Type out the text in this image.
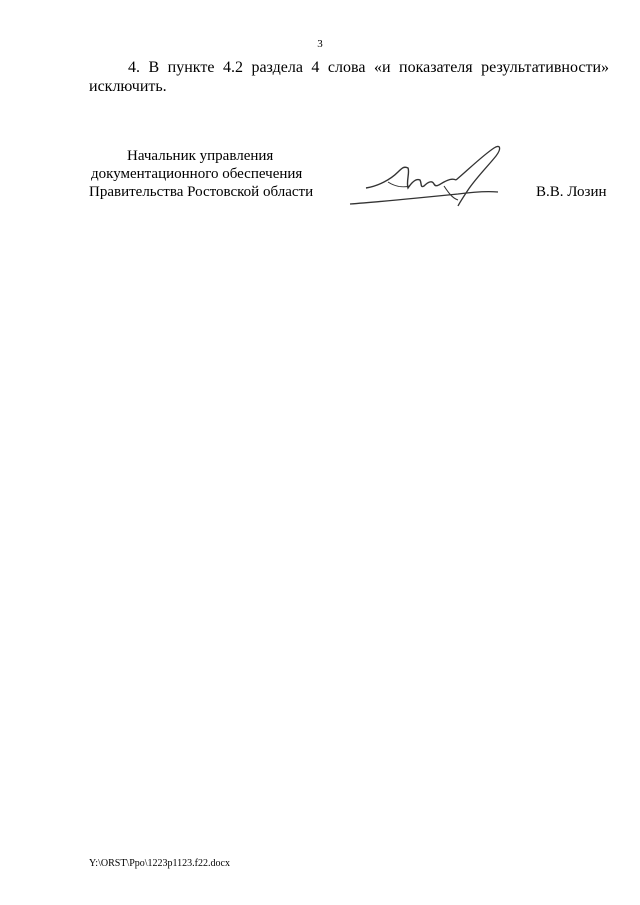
3

4. В пункте 4.2 раздела 4 слова «и показателя результативности» исключить.

Начальник управления
документационного обеспечения
Правительства Ростовской области	В.В. Лозин
Y:\ORST\Ppo\1223p1123.f22.docx
